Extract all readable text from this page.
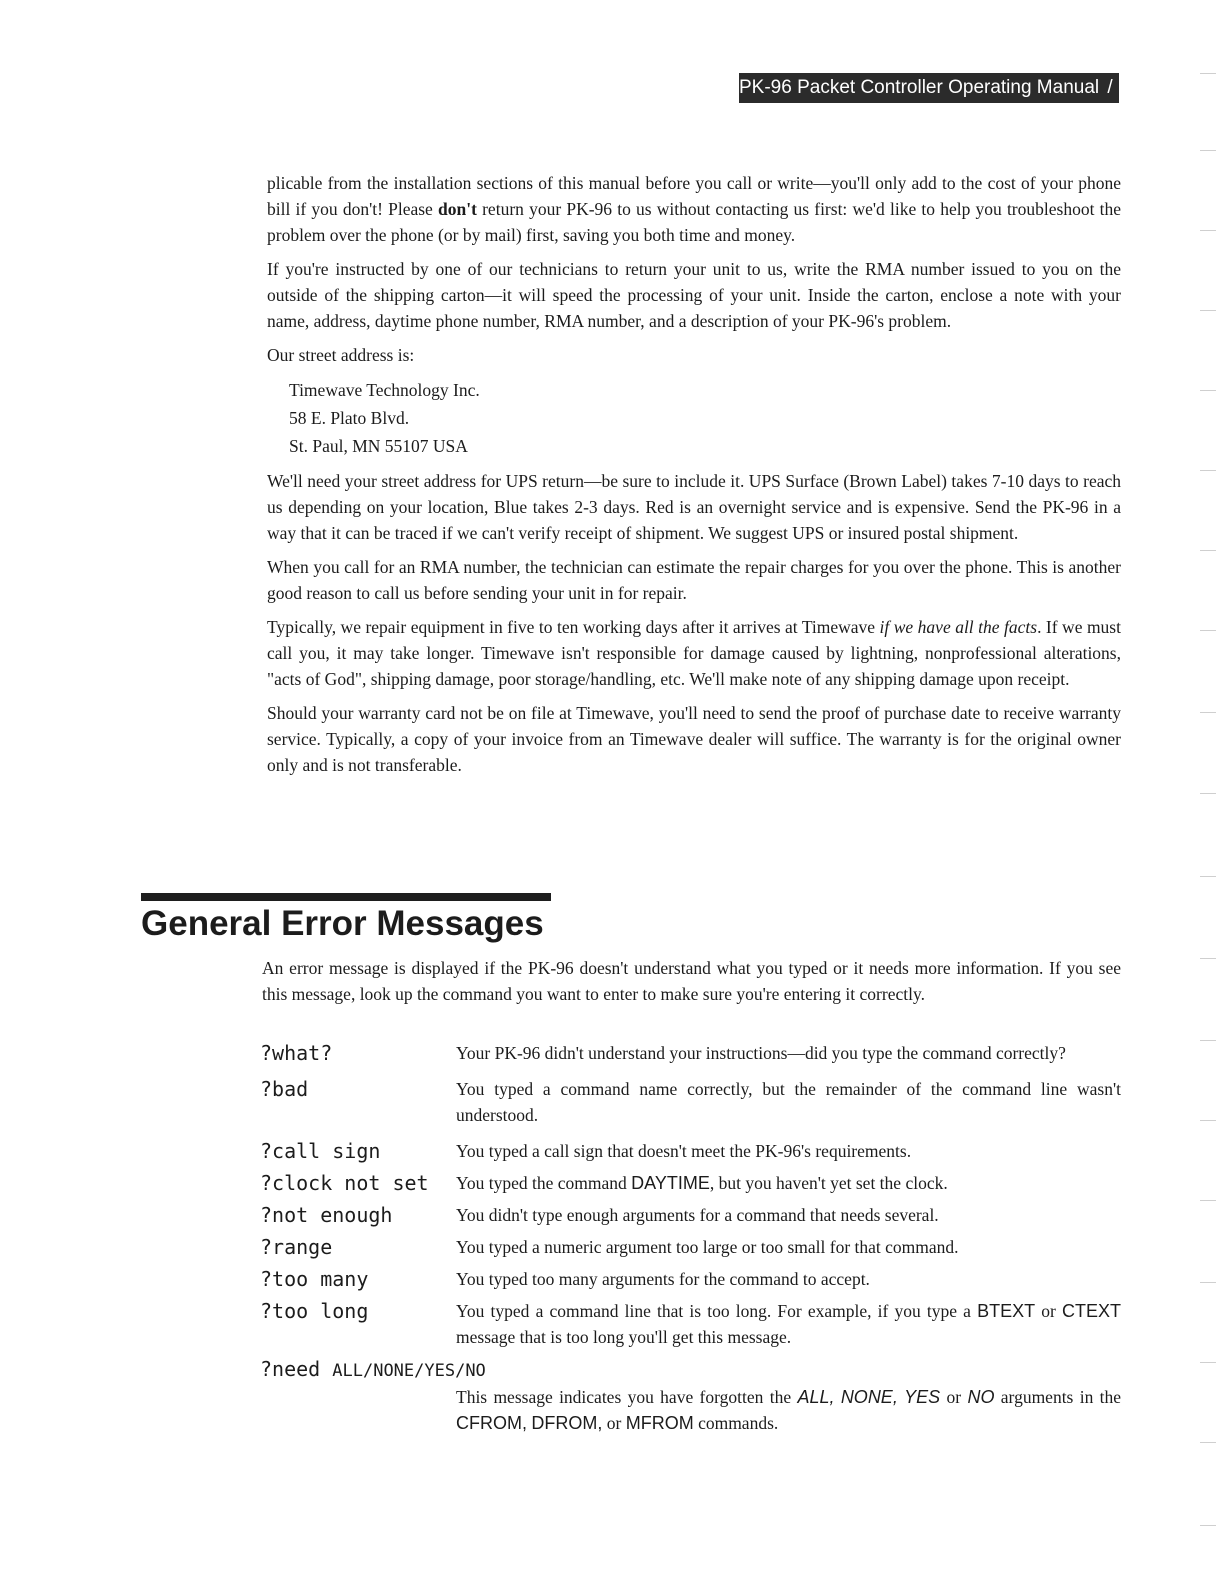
PK-96 Packet Controller Operating Manual / 123

plicable from the installation sections of this manual before you call or write—you'll only add to the cost of your phone bill if you don't! Please don't return your PK-96 to us without contacting us first: we'd like to help you troubleshoot the problem over the phone (or by mail) first, saving you both time and money.

If you're instructed by one of our technicians to return your unit to us, write the RMA number issued to you on the outside of the shipping carton—it will speed the processing of your unit. Inside the carton, enclose a note with your name, address, daytime phone number, RMA number, and a description of your PK-96's problem.

Our street address is:

Timewave Technology Inc.
58 E. Plato Blvd.
St. Paul, MN 55107 USA

We'll need your street address for UPS return—be sure to include it. UPS Surface (Brown Label) takes 7-10 days to reach us depending on your location, Blue takes 2-3 days. Red is an overnight service and is expensive. Send the PK-96 in a way that it can be traced if we can't verify receipt of shipment. We suggest UPS or insured postal shipment.

When you call for an RMA number, the technician can estimate the repair charges for you over the phone. This is another good reason to call us before sending your unit in for repair.

Typically, we repair equipment in five to ten working days after it arrives at Timewave if we have all the facts. If we must call you, it may take longer. Timewave isn't responsible for damage caused by lightning, nonprofessional alterations, "acts of God", shipping damage, poor storage/handling, etc. We'll make note of any shipping damage upon receipt.

Should your warranty card not be on file at Timewave, you'll need to send the proof of purchase date to receive warranty service. Typically, a copy of your invoice from an Timewave dealer will suffice. The warranty is for the original owner only and is not transferable.

General Error Messages

An error message is displayed if the PK-96 doesn't understand what you typed or it needs more information. If you see this message, look up the command you want to enter to make sure you're entering it correctly.

?what?	Your PK-96 didn't understand your instructions—did you type the command correctly?
?bad	You typed a command name correctly, but the remainder of the command line wasn't understood.
?call sign	You typed a call sign that doesn't meet the PK-96's requirements.
?clock not set	You typed the command DAYTIME, but you haven't yet set the clock.
?not enough	You didn't type enough arguments for a command that needs several.
?range	You typed a numeric argument too large or too small for that command.
?too many	You typed too many arguments for the command to accept.
?too long	You typed a command line that is too long. For example, if you type a BTEXT or CTEXT message that is too long you'll get this message.
?need ALL/NONE/YES/NO
This message indicates you have forgotten the ALL, NONE, YES or NO arguments in the CFROM, DFROM, or MFROM commands.
